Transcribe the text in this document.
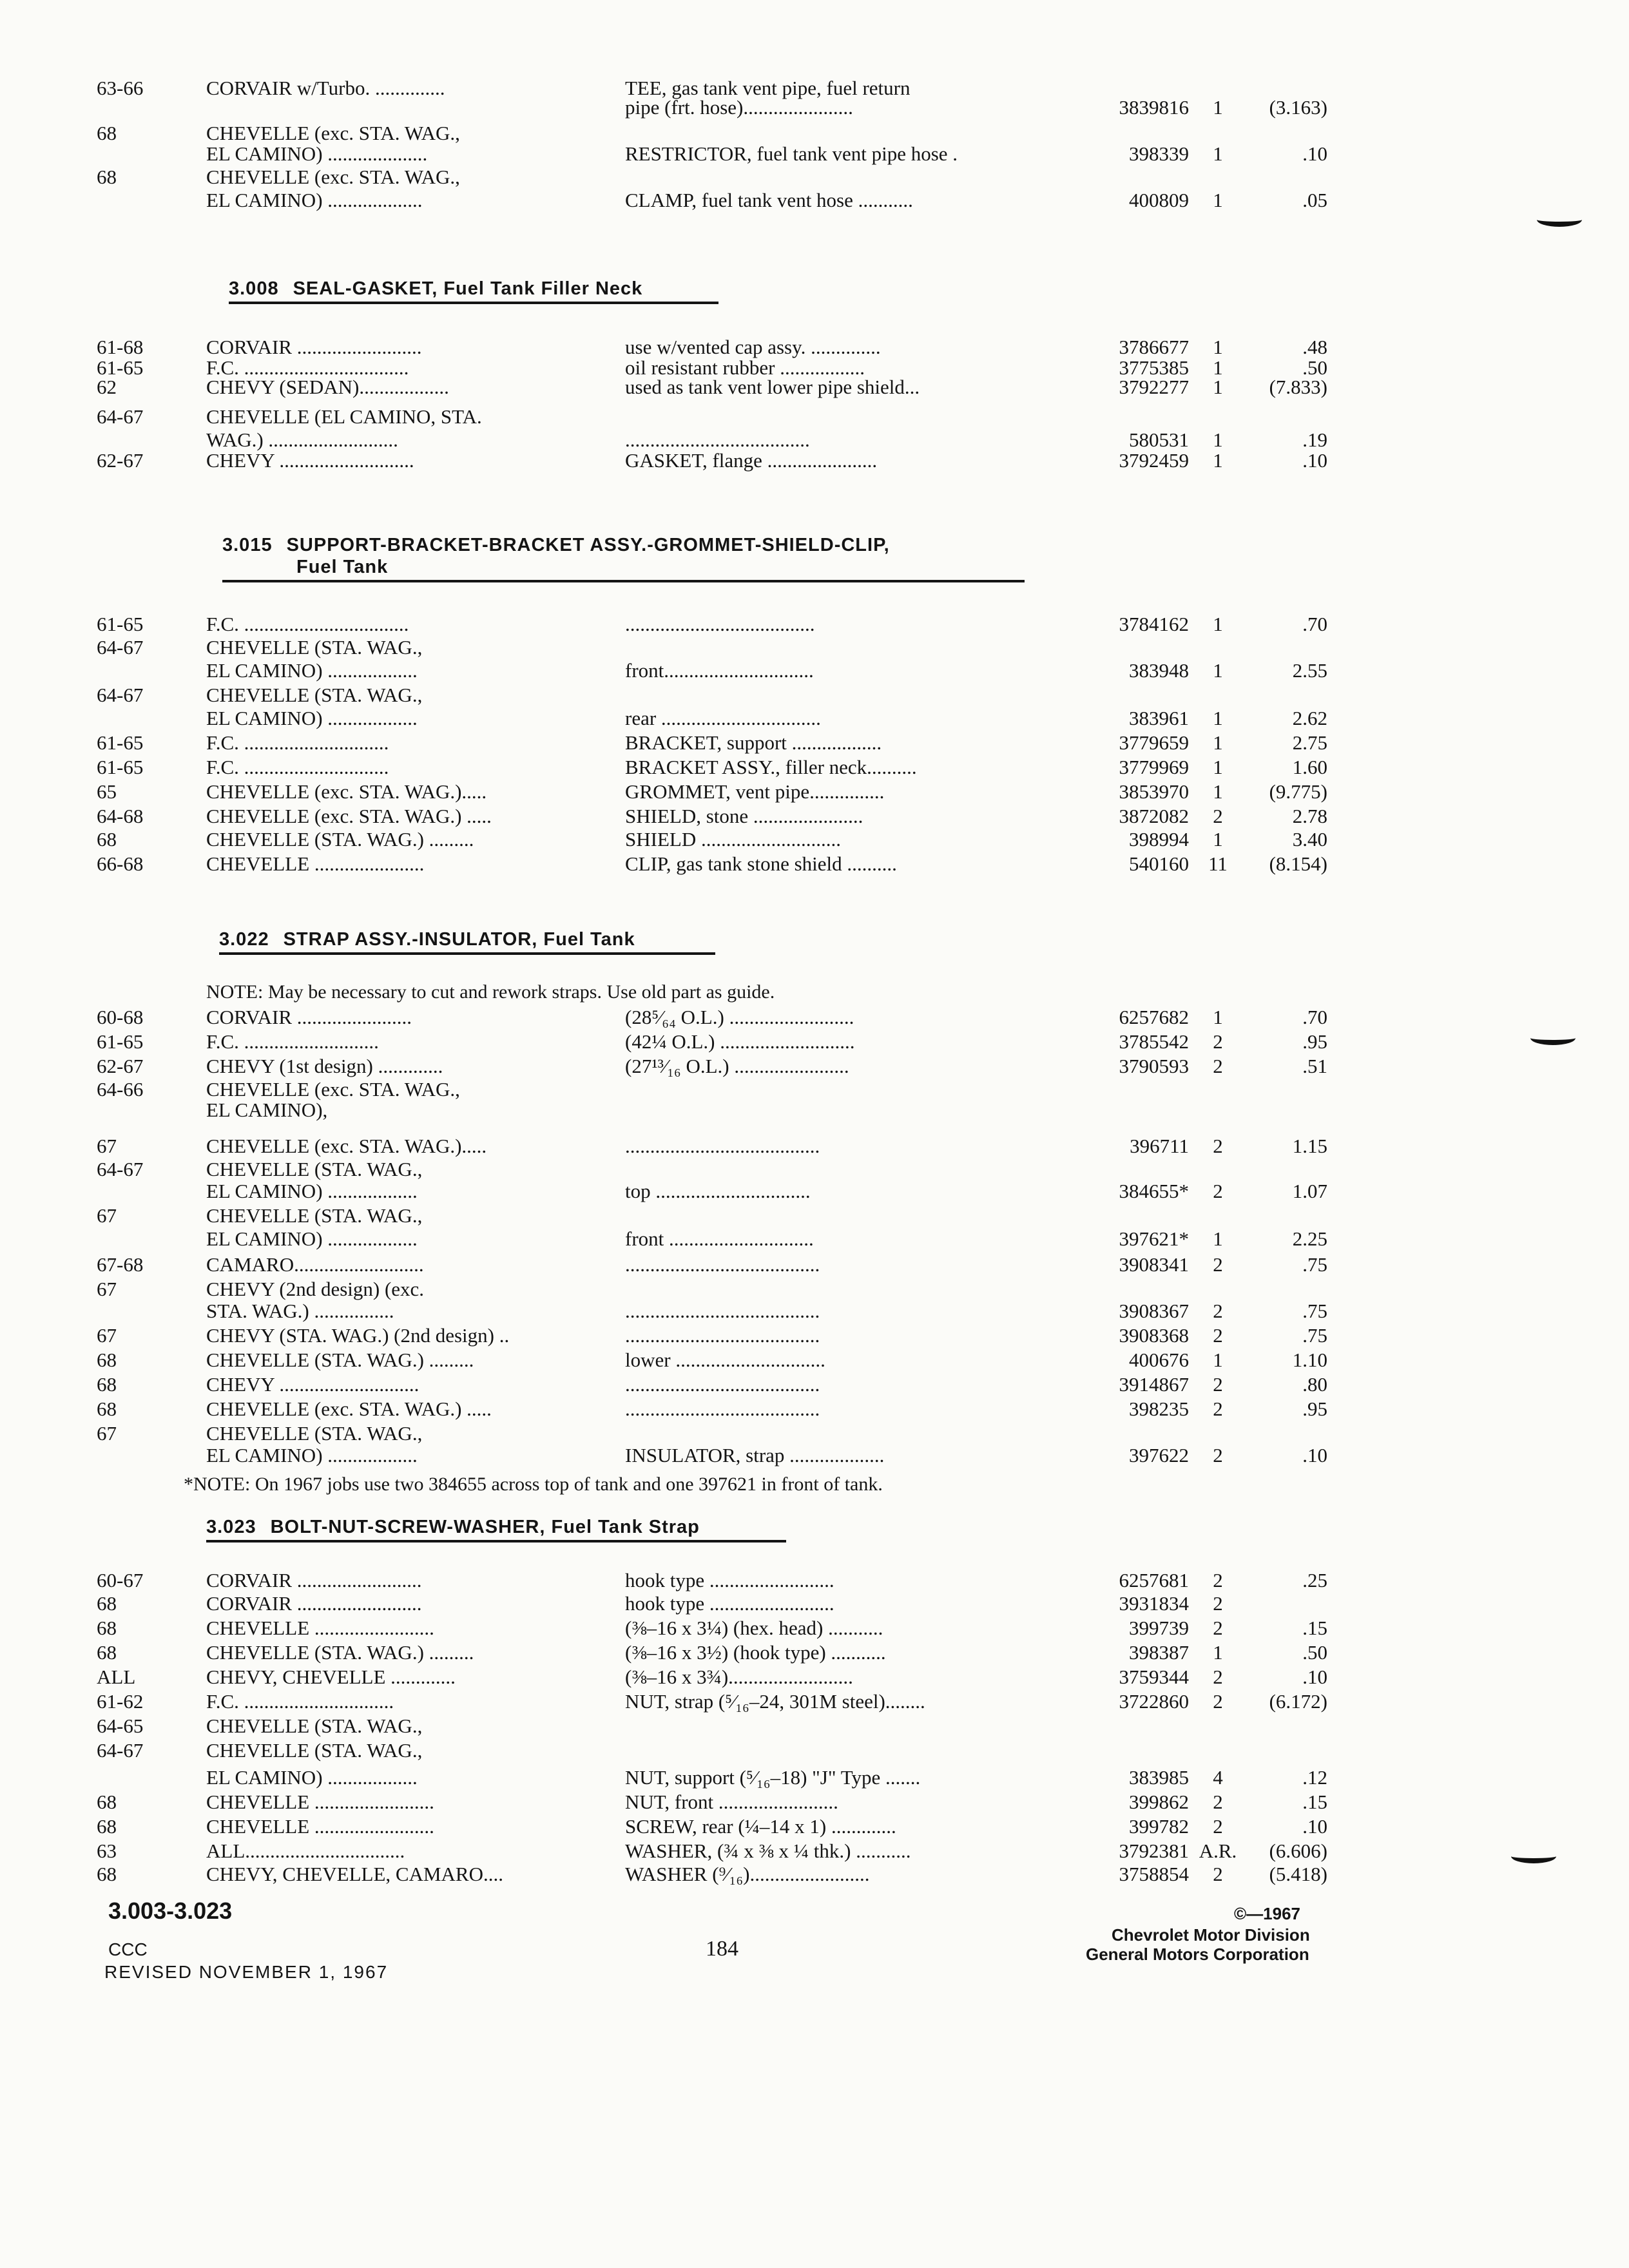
63-66	CORVAIR w/Turbo. ..............	TEE, gas tank vent pipe, fuel return
pipe (frt. hose)......................	3839816	1	(3.163)
68	CHEVELLE (exc. STA. WAG.,
EL CAMINO) ....................	RESTRICTOR, fuel tank vent pipe hose .	398339	1	.10
68	CHEVELLE (exc. STA. WAG.,
EL CAMINO) ...................	CLAMP, fuel tank vent hose ...........	400809	1	.05
3.008 SEAL-GASKET, Fuel Tank Filler Neck
61-68	CORVAIR .........................	use w/vented cap assy. ..............	3786677	1	.48
61-65	F.C. .................................	oil resistant rubber .................	3775385	1	.50
62	CHEVY (SEDAN)..................	used as tank vent lower pipe shield...	3792277	1	(7.833)
64-67	CHEVELLE (EL CAMINO, STA.
WAG.) ..........................	.....................................	580531	1	.19
62-67	CHEVY ...........................	GASKET, flange ......................	3792459	1	.10
3.015 SUPPORT-BRACKET-BRACKET ASSY.-GROMMET-SHIELD-CLIP,
Fuel Tank
61-65	F.C. .................................	......................................	3784162	1	.70
64-67	CHEVELLE (STA. WAG.,
EL CAMINO) ..................	front..............................	383948	1	2.55
64-67	CHEVELLE (STA. WAG.,
EL CAMINO) ..................	rear ................................	383961	1	2.62
61-65	F.C. .............................	BRACKET, support ..................	3779659	1	2.75
61-65	F.C. .............................	BRACKET ASSY., filler neck..........	3779969	1	1.60
65	CHEVELLE (exc. STA. WAG.).....	GROMMET, vent pipe...............	3853970	1	(9.775)
64-68	CHEVELLE (exc. STA. WAG.) .....	SHIELD, stone ......................	3872082	2	2.78
68	CHEVELLE (STA. WAG.) .........	SHIELD ............................	398994	1	3.40
66-68	CHEVELLE ......................	CLIP, gas tank stone shield ..........	540160 11	(8.154)
3.022 STRAP ASSY.-INSULATOR, Fuel Tank
NOTE: May be necessary to cut and rework straps. Use old part as guide.
60-68	CORVAIR .......................	(28⁵⁄₆₄ O.L.) .........................	6257682	1	.70
61-65	F.C. ...........................	(42¼ O.L.) ...........................	3785542	2	.95
62-67	CHEVY (1st design) .............	(27¹³⁄₁₆ O.L.) .......................	3790593	2	.51
64-66	CHEVELLE (exc. STA. WAG.,
EL CAMINO),
67	CHEVELLE (exc. STA. WAG.).....	.......................................	396711	2	1.15
64-67	CHEVELLE (STA. WAG.,
EL CAMINO) ..................	top ...............................	384655*	2	1.07
67	CHEVELLE (STA. WAG.,
EL CAMINO) ..................	front .............................	397621*	1	2.25
67-68	CAMARO..........................	.......................................	3908341	2	.75
67	CHEVY (2nd design) (exc.
STA. WAG.) ................	.......................................	3908367	2	.75
67	CHEVY (STA. WAG.) (2nd design) ..	.......................................	3908368	2	.75
68	CHEVELLE (STA. WAG.) .........	lower ..............................	400676	1	1.10
68	CHEVY ............................	.......................................	3914867	2	.80
68	CHEVELLE (exc. STA. WAG.) .....	.......................................	398235	2	.95
67	CHEVELLE (STA. WAG.,
EL CAMINO) ..................	INSULATOR, strap ...................	397622	2	.10
*NOTE: On 1967 jobs use two 384655 across top of tank and one 397621 in front of tank.
3.023 BOLT-NUT-SCREW-WASHER, Fuel Tank Strap
60-67	CORVAIR .........................	hook type .........................	6257681	2	.25
68	CORVAIR .........................	hook type .........................	3931834	2
68	CHEVELLE ........................	(⅜–16 x 3¼) (hex. head) ...........	399739	2	.15
68	CHEVELLE (STA. WAG.) .........	(⅜–16 x 3½) (hook type) ...........	398387	1	.50
ALL	CHEVY, CHEVELLE .............	(⅜–16 x 3¾).........................	3759344	2	.10
61-62	F.C. ..............................	NUT, strap (⁵⁄₁₆–24, 301M steel)........	3722860	2	(6.172)
64-65	CHEVELLE (STA. WAG.,
64-67	CHEVELLE (STA. WAG.,
EL CAMINO) ..................	NUT, support (⁵⁄₁₆–18) "J" Type .......	383985	4	.12
68	CHEVELLE ........................	NUT, front ........................	399862	2	.15
68	CHEVELLE ........................	SCREW, rear (¼–14 x 1) .............	399782	2	.10
63	ALL................................	WASHER, (¾ x ⅜ x ¼ thk.) ...........	3792381 A.R.	(6.606)
68	CHEVY, CHEVELLE, CAMARO....	WASHER (⁹⁄₁₆)........................	3758854	2	(5.418)
3.003-3.023
CCC
REVISED NOVEMBER 1, 1967
184
©—1967
Chevrolet Motor Division
General Motors Corporation
